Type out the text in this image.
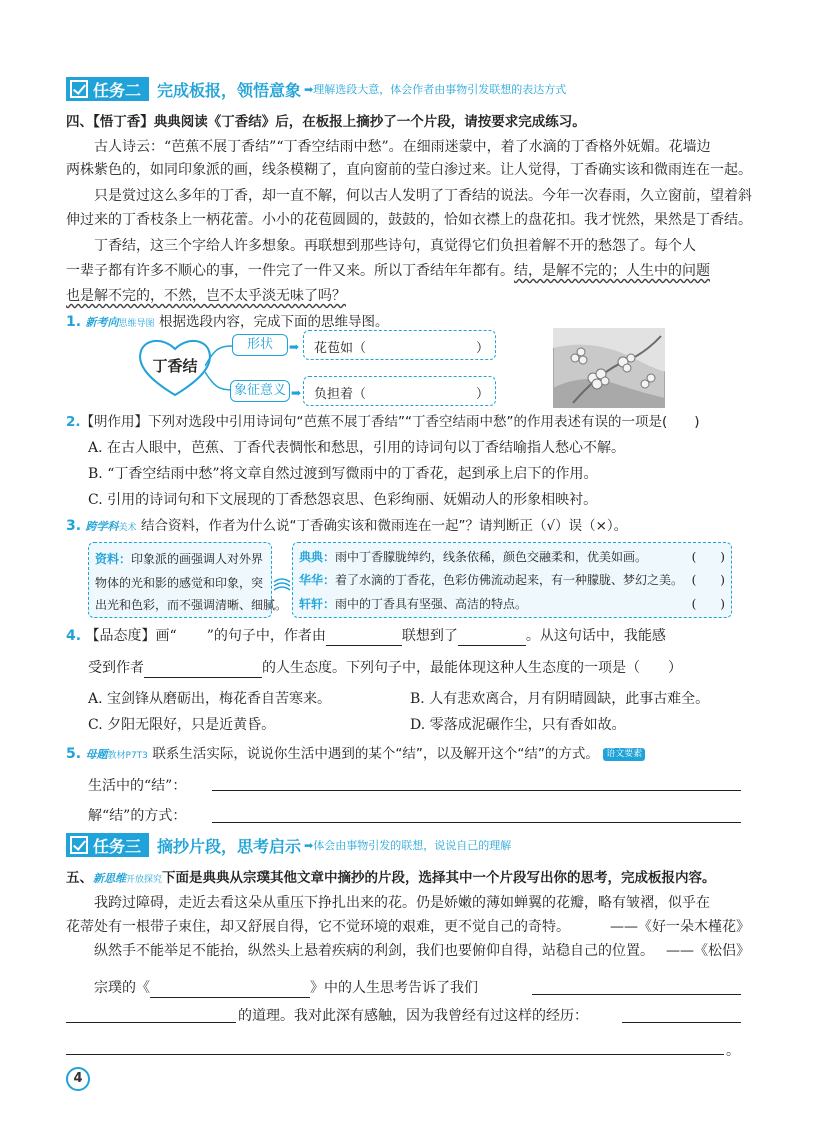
任务二 完成板报，领悟意象 ➡理解选段大意，体会作者由事物引发联想的表达方式
四、【悟丁香】典典阅读《丁香结》后，在板报上摘抄了一个片段，请按要求完成练习。
古人诗云：“芭蕉不展丁香结”“丁香空结雨中愁”。在细雨迷蒙中，着了水滴的丁香格外妩媚。花墙边
两株紫色的，如同印象派的画，线条模糊了，直向窗前的莹白渗过来。让人觉得，丁香确实该和微雨连在一起。
只是赏过这么多年的丁香，却一直不解，何以古人发明了丁香结的说法。今年一次春雨，久立窗前，望着斜
伸过来的丁香枝条上一柄花蕾。小小的花苞圆圆的，鼓鼓的，恰如衣襟上的盘花扣。我才恍然，果然是丁香结。
丁香结，这三个字给人许多想象。再联想到那些诗句，真觉得它们负担着解不开的愁怨了。每个人
一辈子都有许多不顺心的事，一件完了一件又来。所以丁香结年年都有。结，是解不完的；人生中的问题
也是解不完的，不然，岂不太乎淡无味了吗？
1. 新考向思维导图 根据选段内容，完成下面的思维导图。
丁香结
形状
象征意义
➡
➡
花苞如（	）
负担着（	）
2.【明作用】下列对选段中引用诗词句“芭蕉不展丁香结”“丁香空结雨中愁”的作用表述有误的一项是(　　)
A. 在古人眼中，芭蕉、丁香代表惆怅和愁思，引用的诗词句以丁香结喻指人愁心不解。
B. “丁香空结雨中愁”将文章自然过渡到写微雨中的丁香花，起到承上启下的作用。
C. 引用的诗词句和下文展现的丁香愁怨哀思、色彩绚丽、妩媚动人的形象相映衬。
3. 跨学科美术 结合资料，作者为什么说“丁香确实该和微雨连在一起”？请判断正（√）误（×）。
资料：印象派的画强调人对外界
物体的光和影的感觉和印象，突
出光和色彩，而不强调清晰、细腻。
典典：雨中丁香朦胧绰约，线条依稀，颜色交融柔和，优美如画。	(　　)
华华：着了水滴的丁香花，色彩仿佛流动起来，有一种朦胧、梦幻之美。 (　　)
轩轩：雨中的丁香具有坚强、高洁的特点。	(　　)
4. 【品态度】画“ ”的句子中，作者由	联想到了	。从这句话中，我能感
受到作者	的人生态度。下列句子中，最能体现这种人生态度的一项是（　　）
A. 宝剑锋从磨砺出，梅花香自苦寒来。	B. 人有悲欢离合，月有阴晴圆缺，此事古难全。
C. 夕阳无限好，只是近黄昏。	D. 零落成泥碾作尘，只有香如故。
5. 母题教材P7T3 联系生活实际，说说你生活中遇到的某个“结”，以及解开这个“结”的方式。 语文要素
生活中的“结”：
解“结”的方式：
任务三 摘抄片段，思考启示 ➡体会由事物引发的联想，说说自己的理解
五、新思维开放探究下面是典典从宗璞其他文章中摘抄的片段，选择其中一个片段写出你的思考，完成板报内容。
我跨过障碍，走近去看这朵从重压下挣扎出来的花。仍是娇嫩的薄如蝉翼的花瓣，略有皱褶，似乎在
花蒂处有一根带子束住，却又舒展自得，它不觉环境的艰难，更不觉自己的奇特。	——《好一朵木槿花》
纵然手不能举足不能抬，纵然头上悬着疾病的利剑，我们也要俯仰自得，站稳自己的位置。 ——《松侣》
宗璞的《	》中的人生思考告诉了我们
的道理。我对此深有感触，因为我曾经有过这样的经历：
。
4
